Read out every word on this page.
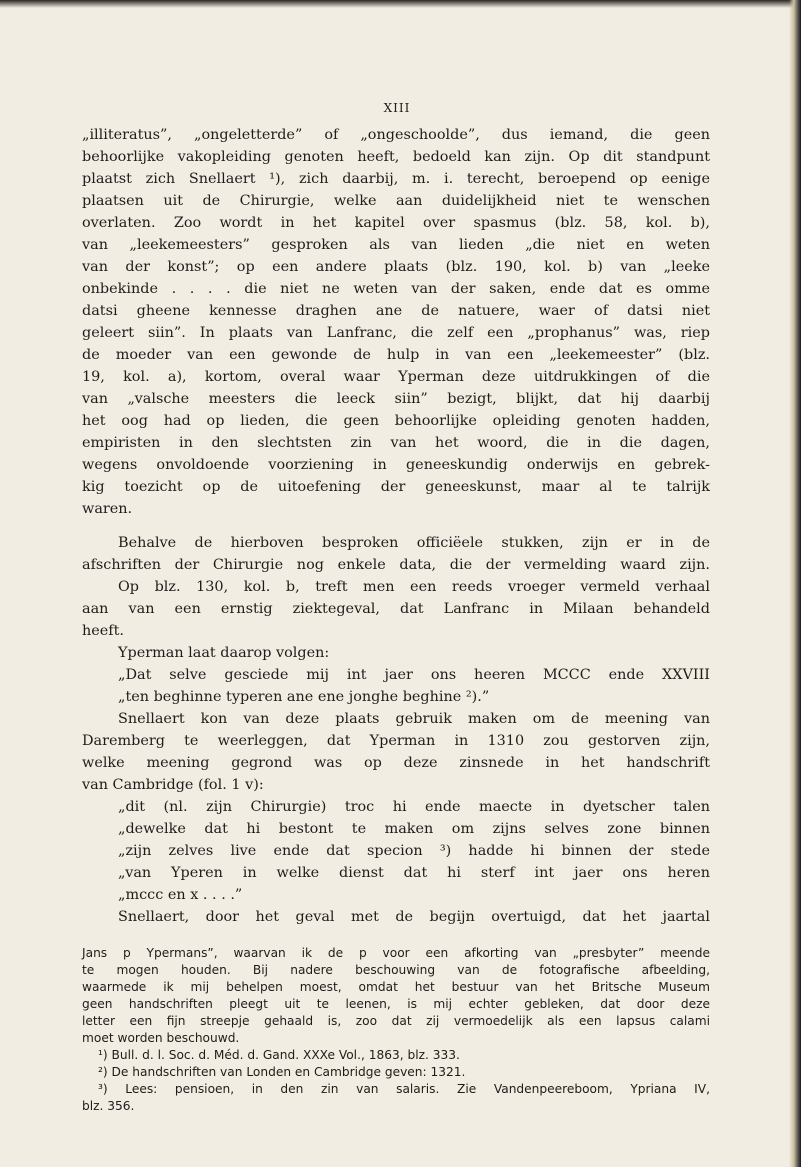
XIII
„illiteratus”, „ongeletterde” of „ongeschoolde”, dus iemand, die geen
behoorlijke vakopleiding genoten heeft, bedoeld kan zijn. Op dit standpunt
plaatst zich Snellaert ¹), zich daarbij, m. i. terecht, beroepend op eenige
plaatsen uit de Chirurgie, welke aan duidelijkheid niet te wenschen
overlaten. Zoo wordt in het kapitel over spasmus (blz. 58, kol. b),
van „leekemeesters” gesproken als van lieden „die niet en weten
van der konst”; op een andere plaats (blz. 190, kol. b) van „leeke
onbekinde . . . . die niet ne weten van der saken, ende dat es omme
datsi gheene kennesse draghen ane de natuere, waer of datsi niet
geleert siin”. In plaats van Lanfranc, die zelf een „prophanus” was, riep
de moeder van een gewonde de hulp in van een „leekemeester” (blz.
19, kol. a), kortom, overal waar Yperman deze uitdrukkingen of die
van „valsche meesters die leeck siin” bezigt, blijkt, dat hij daarbij
het oog had op lieden, die geen behoorlijke opleiding genoten hadden,
empiristen in den slechtsten zin van het woord, die in die dagen,
wegens onvoldoende voorziening in geneeskundig onderwijs en gebrek-
kig toezicht op de uitoefening der geneeskunst, maar al te talrijk
waren.
Behalve de hierboven besproken officiëele stukken, zijn er in de
afschriften der Chirurgie nog enkele data, die der vermelding waard zijn.
Op blz. 130, kol. b, treft men een reeds vroeger vermeld verhaal
aan van een ernstig ziektegeval, dat Lanfranc in Milaan behandeld
heeft.
Yperman laat daarop volgen:
„Dat selve gesciede mij int jaer ons heeren MCCC ende XXVIII
„ten beghinne typeren ane ene jonghe beghine ²).”
Snellaert kon van deze plaats gebruik maken om de meening van
Daremberg te weerleggen, dat Yperman in 1310 zou gestorven zijn,
welke meening gegrond was op deze zinsnede in het handschrift
van Cambridge (fol. 1 v):
„dit (nl. zijn Chirurgie) troc hi ende maecte in dyetscher talen
„dewelke dat hi bestont te maken om zijns selves zone binnen
„zijn zelves live ende dat specion ³) hadde hi binnen der stede
„van Yperen in welke dienst dat hi sterf int jaer ons heren
„mccc en x . . . .”
Snellaert, door het geval met de begijn overtuigd, dat het jaartal
Jans p Ypermans”, waarvan ik de p voor een afkorting van „presbyter” meende
te mogen houden. Bij nadere beschouwing van de fotografische afbeelding,
waarmede ik mij behelpen moest, omdat het bestuur van het Britsche Museum
geen handschriften pleegt uit te leenen, is mij echter gebleken, dat door deze
letter een fijn streepje gehaald is, zoo dat zij vermoedelijk als een lapsus calami
moet worden beschouwd.
¹) Bull. d. l. Soc. d. Méd. d. Gand. XXXe Vol., 1863, blz. 333.
²) De handschriften van Londen en Cambridge geven: 1321.
³) Lees: pensioen, in den zin van salaris. Zie Vandenpeereboom, Ypriana IV,
blz. 356.
